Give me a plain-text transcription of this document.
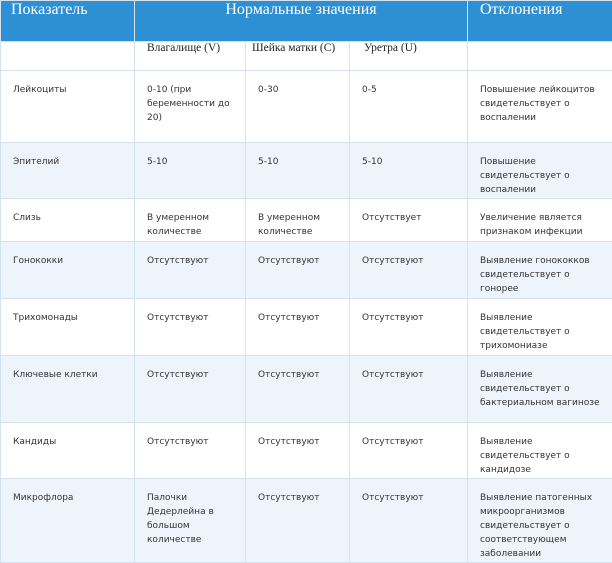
Показатель	Нормальные значения			Отклонения
	Влагалище (V)	Шейка матки (C)	Уретра (U)	
Лейкоциты	0-10 (при беременности до 20)	0-30	0-5	Повышение лейкоцитов свидетельствует о воспалении
Эпителий	5-10	5-10	5-10	Повышение свидетельствует о воспалении
Слизь	В умеренном количестве	В умеренном количестве	Отсутствует	Увеличение является признаком инфекции
Гонококки	Отсутствуют	Отсутствуют	Отсутствуют	Выявление гонококков свидетельствует о гонорее
Трихомонады	Отсутствуют	Отсутствуют	Отсутствуют	Выявление свидетельствует о трихомониазе
Ключевые клетки	Отсутствуют	Отсутствуют	Отсутствуют	Выявление свидетельствует о бактериальном вагинозе
Кандиды	Отсутствуют	Отсутствуют	Отсутствуют	Выявление свидетельствует о кандидозе
Микрофлора	Палочки Дедерлейна в большом количестве	Отсутствуют	Отсутствуют	Выявление патогенных микроорганизмов свидетельствует о соответствующем заболевании
